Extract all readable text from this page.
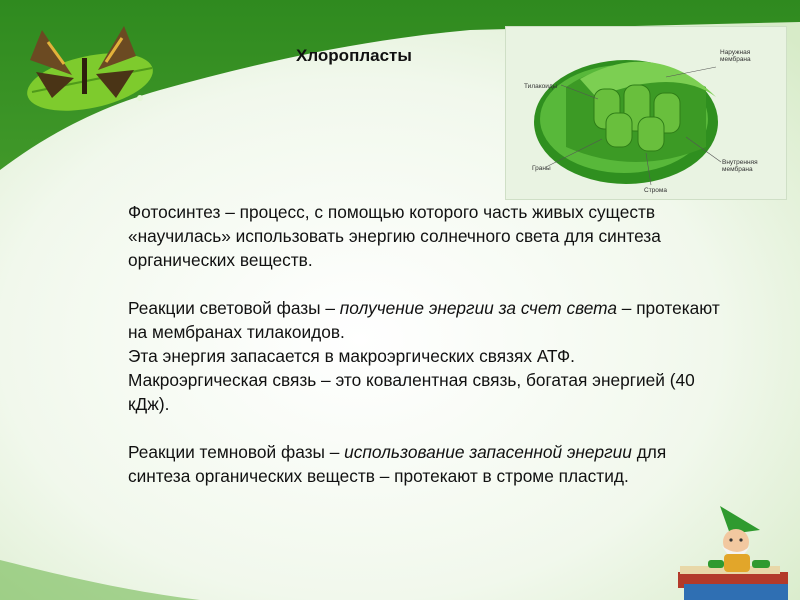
Хлоропласты	Наружная мембрана
Тилакоиды
Граны
Внутренняя мембрана
Строма

Фотосинтез – процесс, с помощью которого часть живых существ «научилась» использовать энергию солнечного света для синтеза органических веществ.

Реакции световой фазы – получение энергии за счет света – протекают на мембранах тилакоидов.

Эта энергия запасается в макроэргических связях АТФ.

Макроэргическая связь – это ковалентная связь, богатая энергией (40 кДж).

Реакции темновой фазы – использование запасенной энергии для синтеза органических веществ – протекают в строме пластид.
